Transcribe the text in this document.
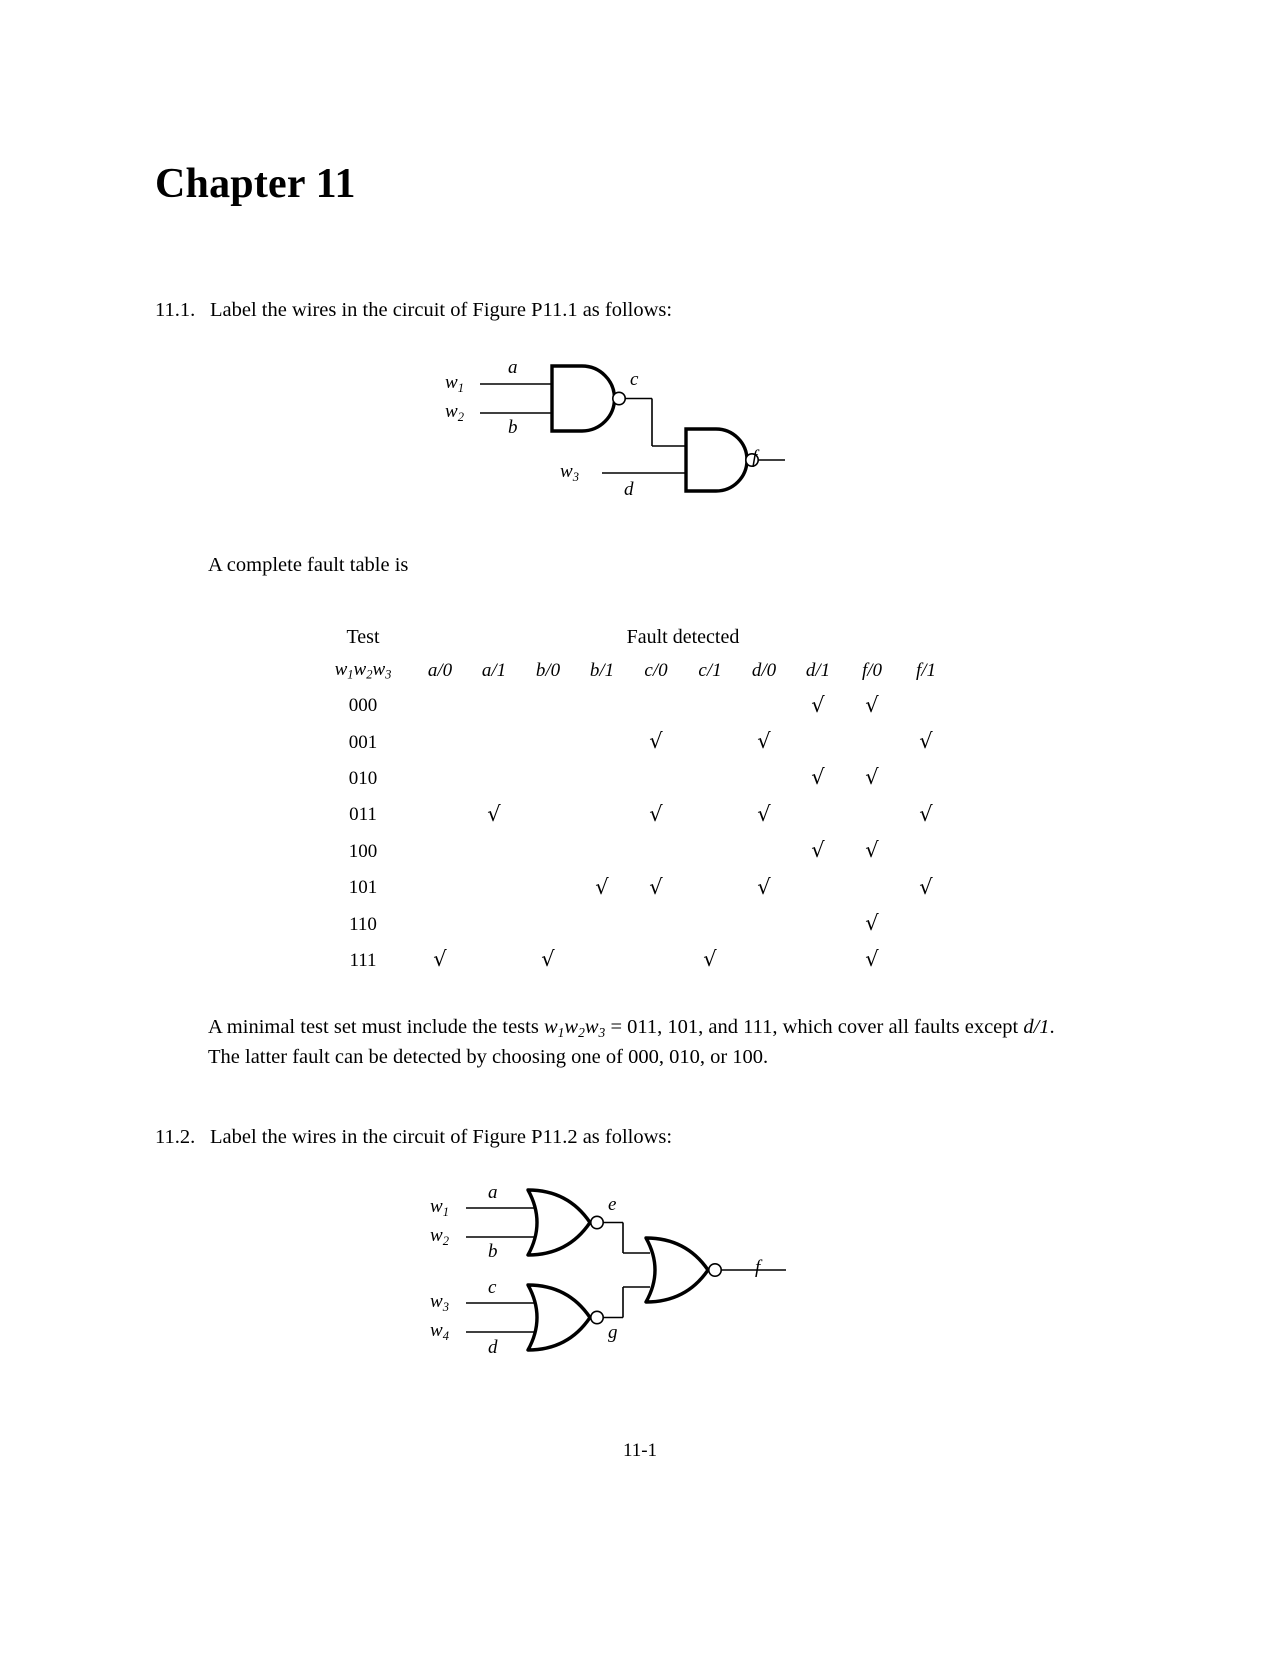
Chapter 11
11.1. Label the wires in the circuit of Figure P11.1 as follows:
$w_1$
$w_2$
$w_3$
a
b
c
d
f
A complete fault table is
Test	Fault detected									
$w_1w_2w_3$	a/0	a/1	b/0	b/1	c/0	c/1	d/0	d/1	f/0	f/1
000								√	√	
001					√		√			√
010								√	√	
011		√			√		√			√
100								√	√	
101				√	√		√			√
110									√	
111	√		√			√			√	
A minimal test set must include the tests $w_1w_2w_3 = 011$, 101, and 111, which cover all faults except d/1.
The latter fault can be detected by choosing one of 000, 010, or 100.
11.2. Label the wires in the circuit of Figure P11.2 as follows:
$w_1$
$w_2$
$w_3$
$w_4$
a
b
c
d
e
g
f
11-1
